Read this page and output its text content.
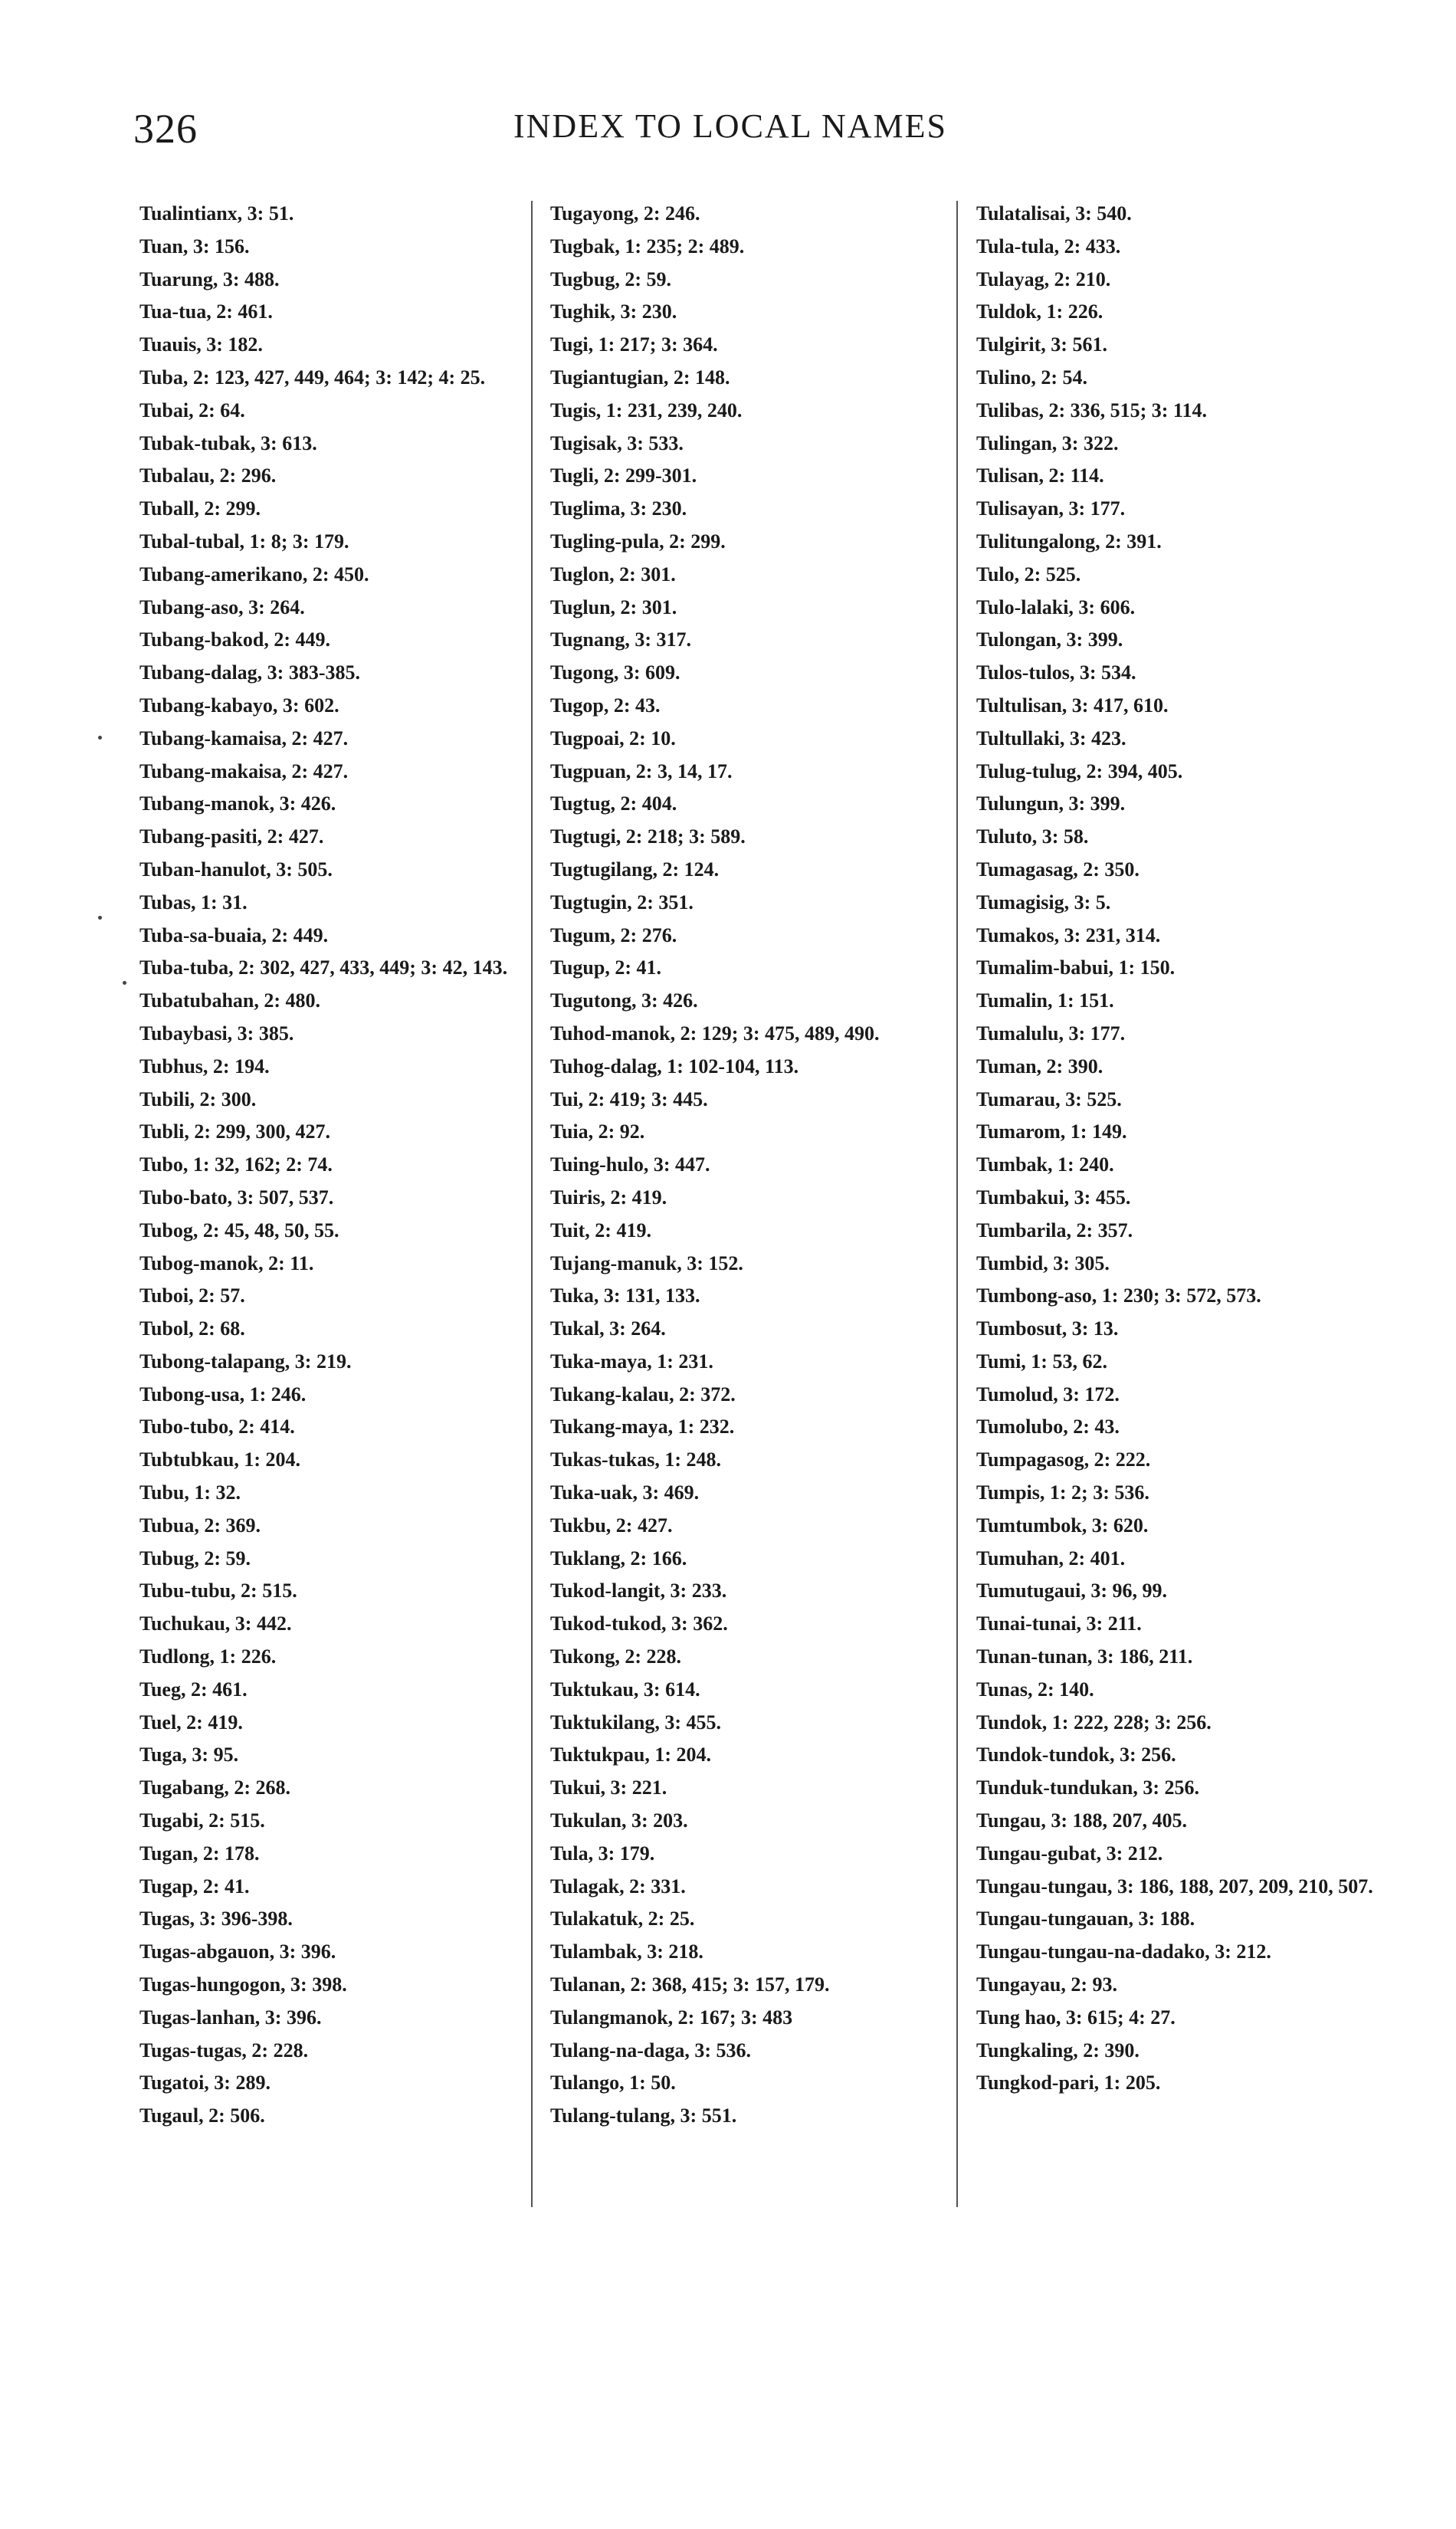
326	INDEX TO LOCAL NAMES
Tualintianx, 3: 51.
Tuan, 3: 156.
Tuarung, 3: 488.
Tua-tua, 2: 461.
Tuauis, 3: 182.
Tuba, 2: 123, 427, 449, 464; 3: 142; 4: 25.
Tubai, 2: 64.
Tubak-tubak, 3: 613.
Tubalau, 2: 296.
Tuball, 2: 299.
Tubal-tubal, 1: 8; 3: 179.
Tubang-amerikano, 2: 450.
Tubang-aso, 3: 264.
Tubang-bakod, 2: 449.
Tubang-dalag, 3: 383-385.
Tubang-kabayo, 3: 602.
Tubang-kamaisa, 2: 427.
Tubang-makaisa, 2: 427.
Tubang-manok, 3: 426.
Tubang-pasiti, 2: 427.
Tuban-hanulot, 3: 505.
Tubas, 1: 31.
Tuba-sa-buaia, 2: 449.
Tuba-tuba, 2: 302, 427, 433, 449; 3: 42, 143.
Tubatubahan, 2: 480.
Tubaybasi, 3: 385.
Tubhus, 2: 194.
Tubili, 2: 300.
Tubli, 2: 299, 300, 427.
Tubo, 1: 32, 162; 2: 74.
Tubo-bato, 3: 507, 537.
Tubog, 2: 45, 48, 50, 55.
Tubog-manok, 2: 11.
Tuboi, 2: 57.
Tubol, 2: 68.
Tubong-talapang, 3: 219.
Tubong-usa, 1: 246.
Tubo-tubo, 2: 414.
Tubtubkau, 1: 204.
Tubu, 1: 32.
Tubua, 2: 369.
Tubug, 2: 59.
Tubu-tubu, 2: 515.
Tuchukau, 3: 442.
Tudlong, 1: 226.
Tueg, 2: 461.
Tuel, 2: 419.
Tuga, 3: 95.
Tugabang, 2: 268.
Tugabi, 2: 515.
Tugan, 2: 178.
Tugap, 2: 41.
Tugas, 3: 396-398.
Tugas-abgauon, 3: 396.
Tugas-hungogon, 3: 398.
Tugas-lanhan, 3: 396.
Tugas-tugas, 2: 228.
Tugatoi, 3: 289.
Tugaul, 2: 506.
Tugayong, 2: 246.
Tugbak, 1: 235; 2: 489.
Tugbug, 2: 59.
Tughik, 3: 230.
Tugi, 1: 217; 3: 364.
Tugiantugian, 2: 148.
Tugis, 1: 231, 239, 240.
Tugisak, 3: 533.
Tugli, 2: 299-301.
Tuglima, 3: 230.
Tugling-pula, 2: 299.
Tuglon, 2: 301.
Tuglun, 2: 301.
Tugnang, 3: 317.
Tugong, 3: 609.
Tugop, 2: 43.
Tugpoai, 2: 10.
Tugpuan, 2: 3, 14, 17.
Tugtug, 2: 404.
Tugtugi, 2: 218; 3: 589.
Tugtugilang, 2: 124.
Tugtugin, 2: 351.
Tugum, 2: 276.
Tugup, 2: 41.
Tugutong, 3: 426.
Tuhod-manok, 2: 129; 3: 475, 489, 490.
Tuhog-dalag, 1: 102-104, 113.
Tui, 2: 419; 3: 445.
Tuia, 2: 92.
Tuing-hulo, 3: 447.
Tuiris, 2: 419.
Tuit, 2: 419.
Tujang-manuk, 3: 152.
Tuka, 3: 131, 133.
Tukal, 3: 264.
Tuka-maya, 1: 231.
Tukang-kalau, 2: 372.
Tukang-maya, 1: 232.
Tukas-tukas, 1: 248.
Tuka-uak, 3: 469.
Tukbu, 2: 427.
Tuklang, 2: 166.
Tukod-langit, 3: 233.
Tukod-tukod, 3: 362.
Tukong, 2: 228.
Tuktukau, 3: 614.
Tuktukilang, 3: 455.
Tuktukpau, 1: 204.
Tukui, 3: 221.
Tukulan, 3: 203.
Tula, 3: 179.
Tulagak, 2: 331.
Tulakatuk, 2: 25.
Tulambak, 3: 218.
Tulanan, 2: 368, 415; 3: 157, 179.
Tulangmanok, 2: 167; 3: 483
Tulang-na-daga, 3: 536.
Tulango, 1: 50.
Tulang-tulang, 3: 551.
Tulatalisai, 3: 540.
Tula-tula, 2: 433.
Tulayag, 2: 210.
Tuldok, 1: 226.
Tulgirit, 3: 561.
Tulino, 2: 54.
Tulibas, 2: 336, 515; 3: 114.
Tulingan, 3: 322.
Tulisan, 2: 114.
Tulisayan, 3: 177.
Tulitungalong, 2: 391.
Tulo, 2: 525.
Tulo-lalaki, 3: 606.
Tulongan, 3: 399.
Tulos-tulos, 3: 534.
Tultulisan, 3: 417, 610.
Tultullaki, 3: 423.
Tulug-tulug, 2: 394, 405.
Tulungun, 3: 399.
Tuluto, 3: 58.
Tumagasag, 2: 350.
Tumagisig, 3: 5.
Tumakos, 3: 231, 314.
Tumalim-babui, 1: 150.
Tumalin, 1: 151.
Tumalulu, 3: 177.
Tuman, 2: 390.
Tumarau, 3: 525.
Tumarom, 1: 149.
Tumbak, 1: 240.
Tumbakui, 3: 455.
Tumbarila, 2: 357.
Tumbid, 3: 305.
Tumbong-aso, 1: 230; 3: 572, 573.
Tumbosut, 3: 13.
Tumi, 1: 53, 62.
Tumolud, 3: 172.
Tumolubo, 2: 43.
Tumpagasog, 2: 222.
Tumpis, 1: 2; 3: 536.
Tumtumbok, 3: 620.
Tumuhan, 2: 401.
Tumutugaui, 3: 96, 99.
Tunai-tunai, 3: 211.
Tunan-tunan, 3: 186, 211.
Tunas, 2: 140.
Tundok, 1: 222, 228; 3: 256.
Tundok-tundok, 3: 256.
Tunduk-tundukan, 3: 256.
Tungau, 3: 188, 207, 405.
Tungau-gubat, 3: 212.
Tungau-tungau, 3: 186, 188, 207, 209, 210, 507.
Tungau-tungauan, 3: 188.
Tungau-tungau-na-dadako, 3: 212.
Tungayau, 2: 93.
Tung hao, 3: 615; 4: 27.
Tungkaling, 2: 390.
Tungkod-pari, 1: 205.
